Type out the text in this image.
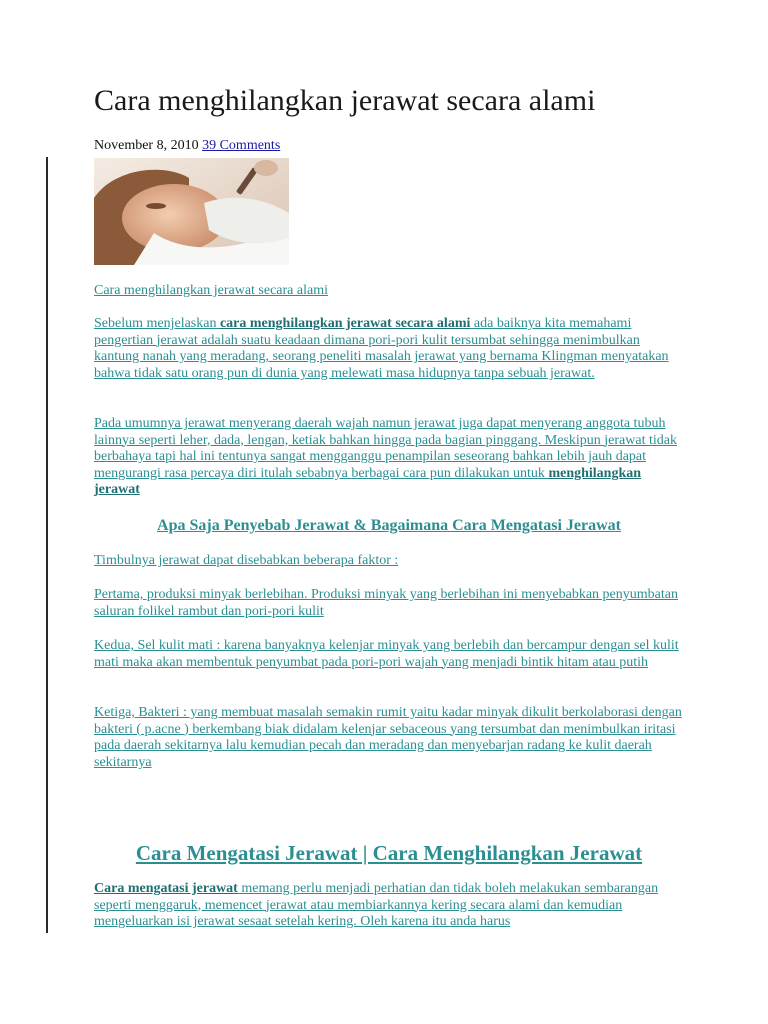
Cara menghilangkan jerawat secara alami
November 8, 2010 39 Comments
Cara menghilangkan jerawat secara alami
Sebelum menjelaskan cara menghilangkan jerawat secara alami ada baiknya kita memahami pengertian jerawat adalah suatu keadaan dimana pori-pori kulit tersumbat sehingga menimbulkan kantung nanah yang meradang, seorang peneliti masalah jerawat yang bernama Klingman menyatakan bahwa tidak satu orang pun di dunia yang melewati masa hidupnya tanpa sebuah jerawat.
Pada umumnya jerawat menyerang daerah wajah namun jerawat juga dapat menyerang anggota tubuh lainnya seperti leher, dada, lengan, ketiak bahkan hingga pada bagian pinggang. Meskipun jerawat tidak berbahaya tapi hal ini tentunya sangat mengganggu penampilan seseorang bahkan lebih jauh dapat mengurangi rasa percaya diri itulah sebabnya berbagai cara pun dilakukan untuk menghilangkan jerawat
Apa Saja Penyebab Jerawat & Bagaimana Cara Mengatasi Jerawat
Timbulnya jerawat dapat disebabkan beberapa faktor :
Pertama, produksi minyak berlebihan. Produksi minyak yang berlebihan ini menyebabkan penyumbatan saluran folikel rambut dan pori-pori kulit
Kedua, Sel kulit mati : karena banyaknya kelenjar minyak yang berlebih dan bercampur dengan sel kulit mati maka akan membentuk penyumbat pada pori-pori wajah yang menjadi bintik hitam atau putih
Ketiga, Bakteri : yang membuat masalah semakin rumit yaitu kadar minyak dikulit berkolaborasi dengan bakteri ( p.acne ) berkembang biak didalam kelenjar sebaceous yang tersumbat dan menimbulkan iritasi pada daerah sekitarnya lalu kemudian pecah dan meradang dan menyebarjan radang ke kulit daerah sekitarnya
Cara Mengatasi Jerawat | Cara Menghilangkan Jerawat
Cara mengatasi jerawat memang perlu menjadi perhatian dan tidak boleh melakukan sembarangan seperti menggaruk, memencet jerawat atau membiarkannya kering secara alami dan kemudian mengeluarkan isi jerawat sesaat setelah kering. Oleh karena itu anda harus
